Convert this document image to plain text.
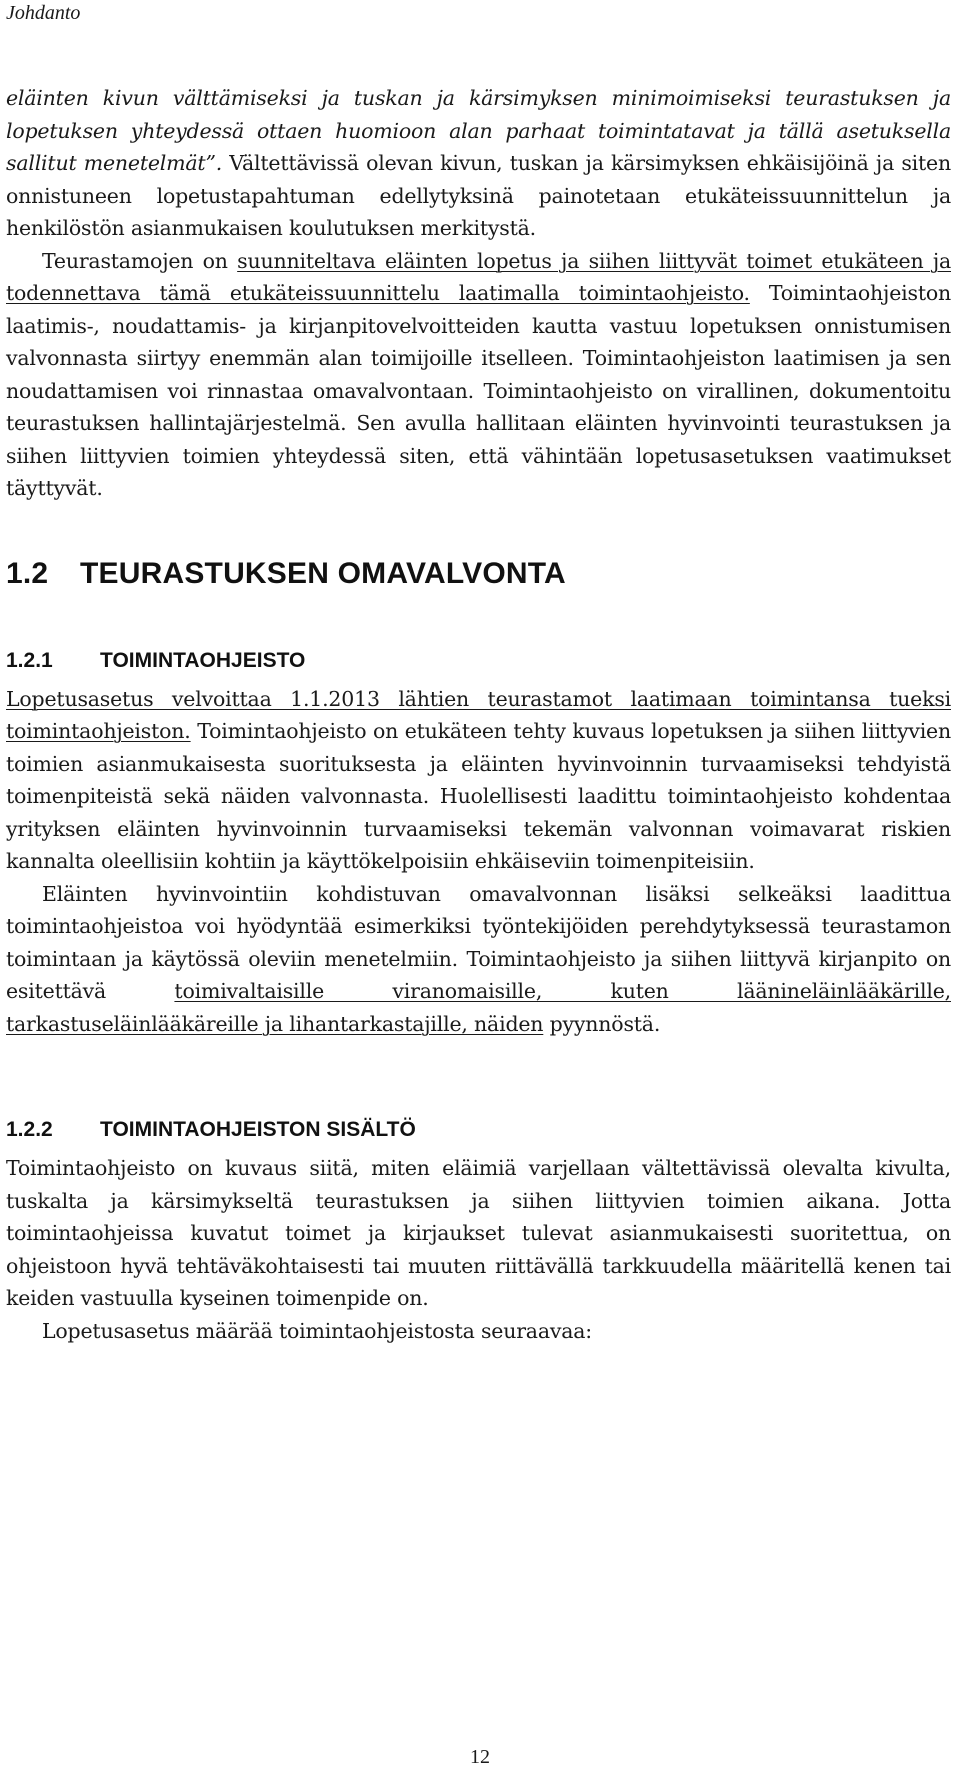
Johdanto

eläinten kivun välttämiseksi ja tuskan ja kärsimyksen minimoimiseksi teurastuksen ja lopetuksen yhteydessä ottaen huomioon alan parhaat toimintatavat ja tällä asetuksella sallitut menetelmät”. Vältettävissä olevan kivun, tuskan ja kärsimyksen ehkäisijöinä ja siten onnistuneen lopetustapahtuman edellytyksinä painotetaan etukäteissuunnittelun ja henkilöstön asianmukaisen koulutuksen merkitystä.

Teurastamojen on suunniteltava eläinten lopetus ja siihen liittyvät toimet etukäteen ja todennettava tämä etukäteissuunnittelu laatimalla toimintaohjeisto. Toimintaohjeiston laatimis-, noudattamis- ja kirjanpitovelvoitteiden kautta vastuu lopetuksen onnistumisen valvonnasta siirtyy enemmän alan toimijoille itselleen. Toimintaohjeiston laatimisen ja sen noudattamisen voi rinnastaa omavalvontaan. Toimintaohjeisto on virallinen, dokumentoitu teurastuksen hallintajärjestelmä. Sen avulla hallitaan eläinten hyvinvointi teurastuksen ja siihen liittyvien toimien yhteydessä siten, että vähintään lopetusasetuksen vaatimukset täyttyvät.

1.2 TEURASTUKSEN OMAVALVONTA
1.2.1 TOIMINTAOHJEISTO

Lopetusasetus velvoittaa 1.1.2013 lähtien teurastamot laatimaan toimintansa tueksi toimintaohjeiston. Toimintaohjeisto on etukäteen tehty kuvaus lopetuksen ja siihen liittyvien toimien asianmukaisesta suorituksesta ja eläinten hyvinvoinnin turvaamiseksi tehdyistä toimenpiteistä sekä näiden valvonnasta. Huolellisesti laadittu toimintaohjeisto kohdentaa yrityksen eläinten hyvinvoinnin turvaamiseksi tekemän valvonnan voimavarat riskien kannalta oleellisiin kohtiin ja käyttökelpoisiin ehkäiseviin toimenpiteisiin.

Eläinten hyvinvointiin kohdistuvan omavalvonnan lisäksi selkeäksi laadittua toimintaohjeistoa voi hyödyntää esimerkiksi työntekijöiden perehdytyksessä teurastamon toimintaan ja käytössä oleviin menetelmiin. Toimintaohjeisto ja siihen liittyvä kirjanpito on esitettävä toimivaltaisille viranomaisille, kuten läänineläinlääkärille, tarkastuseläinlääkäreille ja lihantarkastajille, näiden pyynnöstä.

1.2.2 TOIMINTAOHJEISTON SISÄLTÖ

Toimintaohjeisto on kuvaus siitä, miten eläimiä varjellaan vältettävissä olevalta kivulta, tuskalta ja kärsimykseltä teurastuksen ja siihen liittyvien toimien aikana. Jotta toimintaohjeissa kuvatut toimet ja kirjaukset tulevat asianmukaisesti suoritettua, on ohjeistoon hyvä tehtäväkohtaisesti tai muuten riittävällä tarkkuudella määritellä kenen tai keiden vastuulla kyseinen toimenpide on.

Lopetusasetus määrää toimintaohjeistosta seuraavaa:

12
